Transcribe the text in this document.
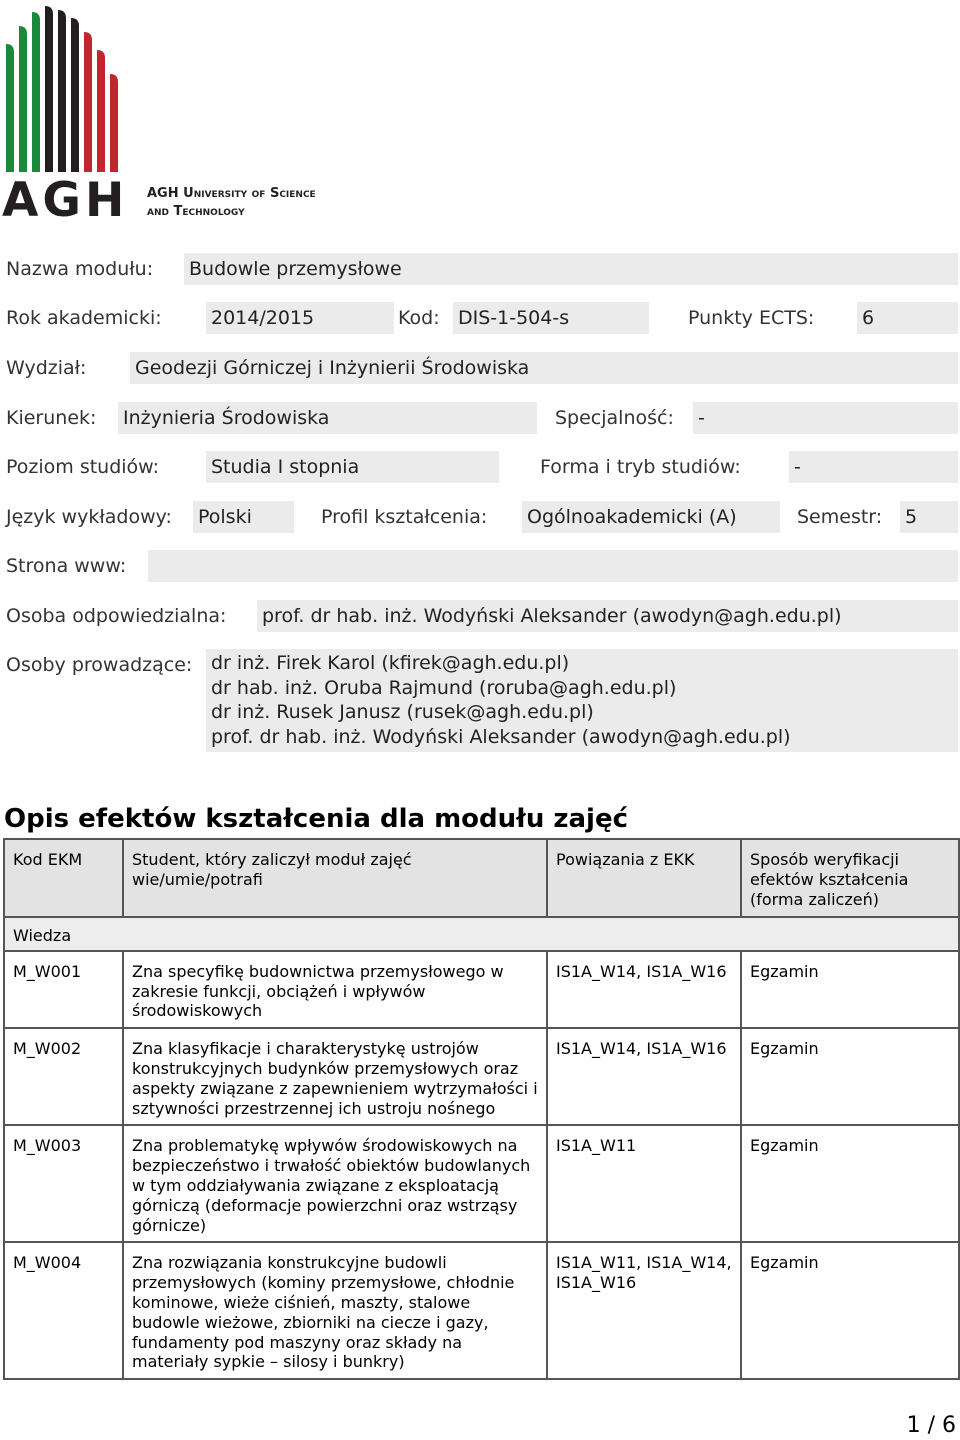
AGH AGH University of Science
and Technology
Nazwa modułu: Budowle przemysłowe
Rok akademicki:	2014/2015	Kod: DIS-1-504-s	Punkty ECTS:	6
Wydział:	Geodezji Górniczej i Inżynierii Środowiska
Kierunek: Inżynieria Środowiska	Specjalność: -
Poziom studiów:	Studia I stopnia	Forma i tryb studiów:	-
Język wykładowy: Polski	Profil kształcenia: Ogólnoakademicki (A)	Semestr: 5
Strona www:
Osoba odpowiedzialna: prof. dr hab. inż. Wodyński Aleksander (awodyn@agh.edu.pl)
Osoby prowadzące: dr inż. Firek Karol (kfirek@agh.edu.pl)
dr hab. inż. Oruba Rajmund (roruba@agh.edu.pl)
dr inż. Rusek Janusz (rusek@agh.edu.pl)
prof. dr hab. inż. Wodyński Aleksander (awodyn@agh.edu.pl)
Opis efektów kształcenia dla modułu zajęć
Kod EKM	Student, który zaliczył moduł zajęć wie/umie/potrafi	Powiązania z EKK	Sposób weryfikacji efektów kształcenia (forma zaliczeń)
Wiedza			
M_W001	Zna specyfikę budownictwa przemysłowego w zakresie funkcji, obciążeń i wpływów środowiskowych	IS1A_W14, IS1A_W16	Egzamin
M_W002	Zna klasyfikacje i charakterystykę ustrojów konstrukcyjnych budynków przemysłowych oraz aspekty związane z zapewnieniem wytrzymałości i sztywności przestrzennej ich ustroju nośnego	IS1A_W14, IS1A_W16	Egzamin
M_W003	Zna problematykę wpływów środowiskowych na bezpieczeństwo i trwałość obiektów budowlanych w tym oddziaływania związane z eksploatacją górniczą (deformacje powierzchni oraz wstrząsy górnicze)	IS1A_W11	Egzamin
M_W004	Zna rozwiązania konstrukcyjne budowli przemysłowych (kominy przemysłowe, chłodnie kominowe, wieże ciśnień, maszty, stalowe budowle wieżowe, zbiorniki na ciecze i gazy, fundamenty pod maszyny oraz składy na materiały sypkie – silosy i bunkry)	IS1A_W11, IS1A_W14, IS1A_W16	Egzamin
1 / 6
